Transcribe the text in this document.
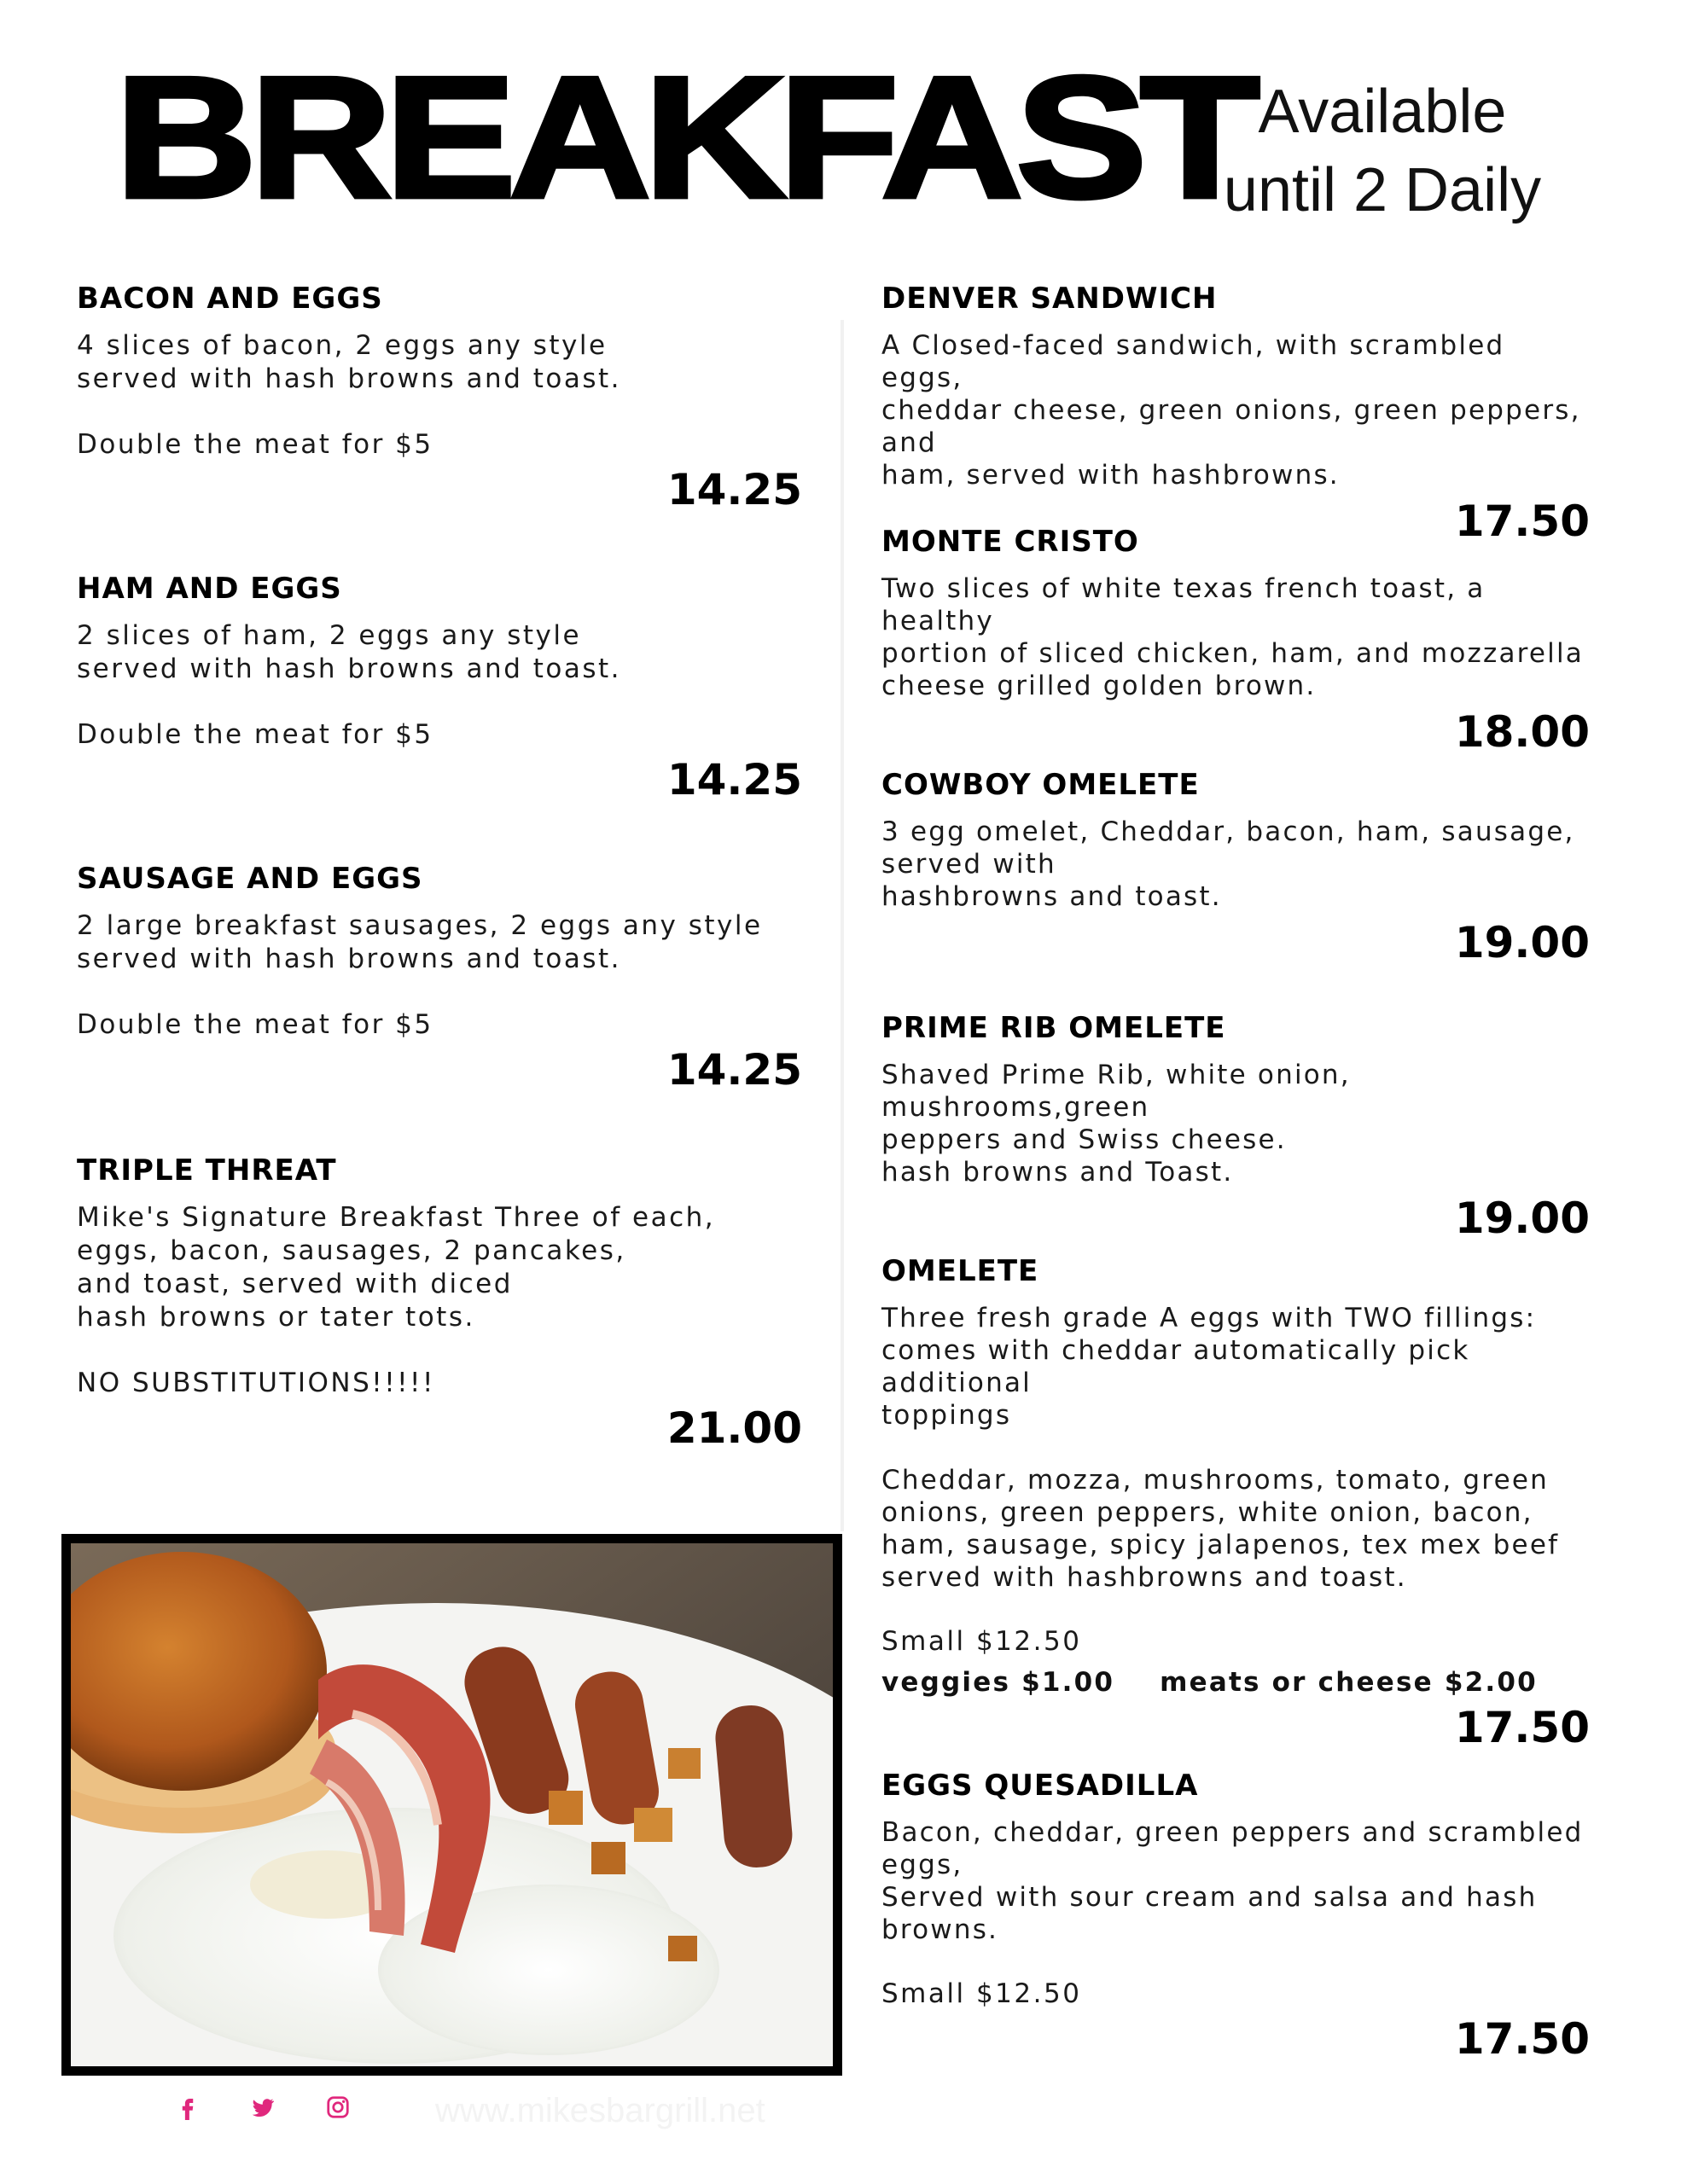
BREAKFAST Available
until 2 Daily
BACON AND EGGS

4 slices of bacon, 2 eggs any style
served with hash browns and toast.

Double the meat for $5
14.25
HAM AND EGGS

2 slices of ham, 2 eggs any style
served with hash browns and toast.

Double the meat for $5
14.25
SAUSAGE AND EGGS

2 large breakfast sausages, 2 eggs any style
served with hash browns and toast.

Double the meat for $5
14.25
TRIPLE THREAT

Mike's Signature Breakfast Three of each,
eggs, bacon, sausages, 2 pancakes,
and toast, served with diced
hash browns or tater tots.

NO SUBSTITUTIONS!!!!!
21.00
DENVER SANDWICH

A Closed-faced sandwich, with scrambled eggs,
cheddar cheese, green onions, green peppers, and
ham, served with hashbrowns.

17.50
MONTE CRISTO

Two slices of white texas french toast, a healthy
portion of sliced chicken, ham, and mozzarella
cheese grilled golden brown.

18.00
COWBOY OMELETE

3 egg omelet, Cheddar, bacon, ham, sausage,
served with
hashbrowns and toast.

19.00
PRIME RIB OMELETE

Shaved Prime Rib, white onion, mushrooms,green
peppers and Swiss cheese.
hash browns and Toast.

19.00
OMELETE

Three fresh grade A eggs with TWO fillings:
comes with cheddar automatically pick additional
toppings

Cheddar, mozza, mushrooms, tomato, green
onions, green peppers, white onion, bacon,
ham, sausage, spicy jalapenos, tex mex beef
served with hashbrowns and toast.

Small $12.50
veggies $1.00 meats or cheese $2.00
17.50
EGGS QUESADILLA

Bacon, cheddar, green peppers and scrambled
eggs,
Served with sour cream and salsa and hash
browns.

Small $12.50
17.50
www.mikesbargrill.net
